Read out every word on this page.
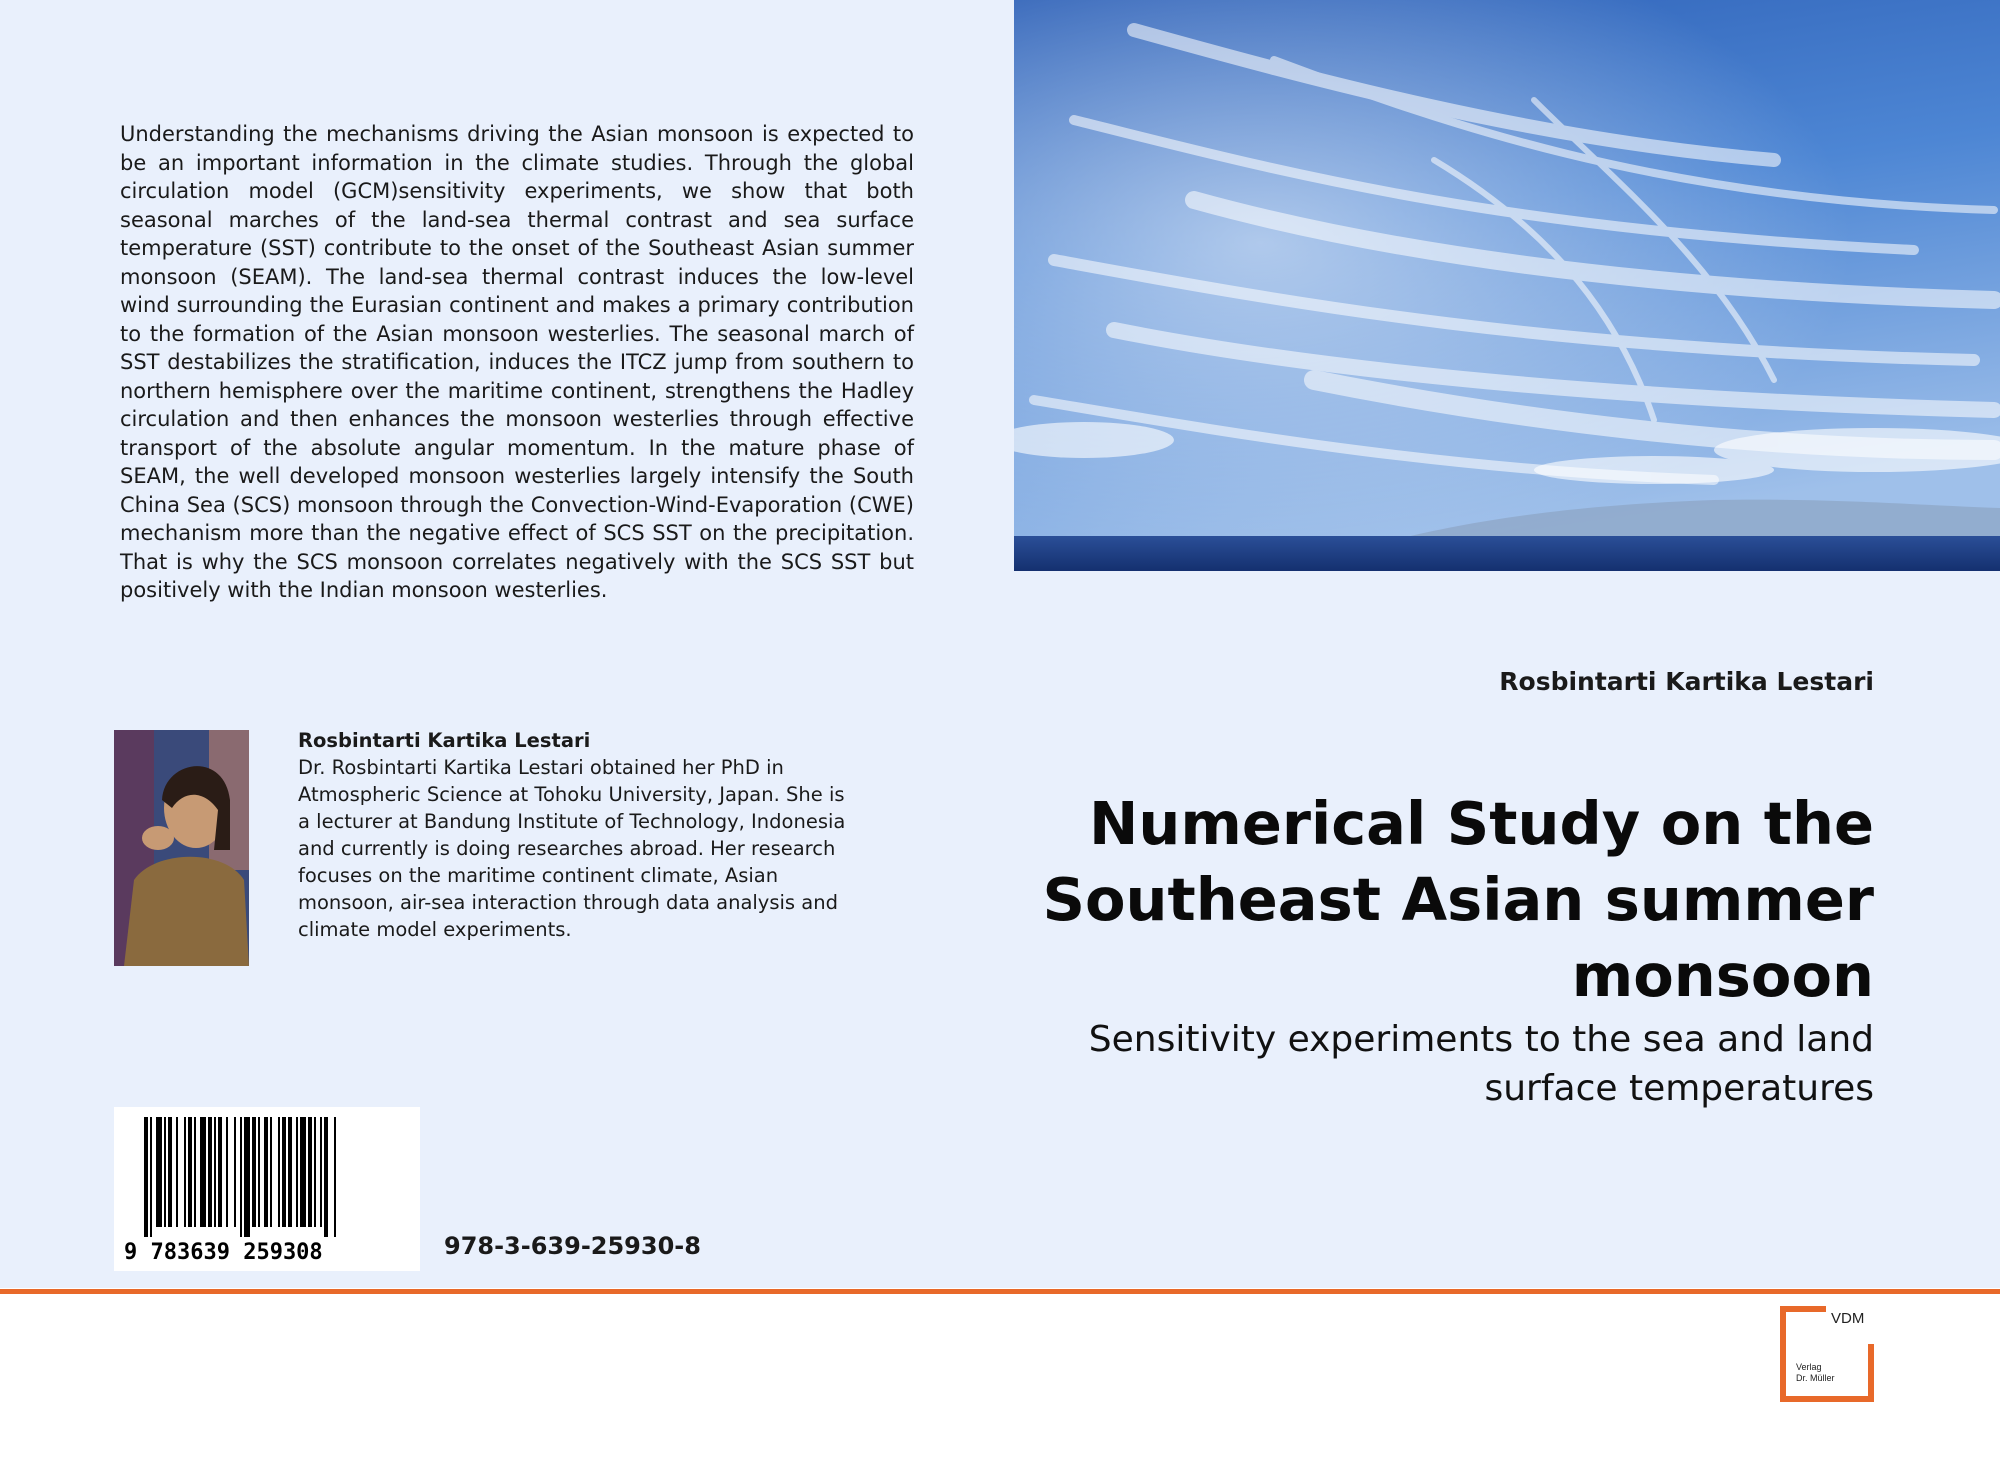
Understanding the mechanisms driving the Asian monsoon is expected to be an important information in the climate studies. Through the global circulation model (GCM)sensitivity experiments, we show that both seasonal marches of the land-sea thermal contrast and sea surface temperature (SST) contribute to the onset of the Southeast Asian summer monsoon (SEAM). The land-sea thermal contrast induces the low-level wind surrounding the Eurasian continent and makes a primary contribution to the formation of the Asian monsoon westerlies. The seasonal march of SST destabilizes the stratification, induces the ITCZ jump from southern to northern hemisphere over the maritime continent, strengthens the Hadley circulation and then enhances the monsoon westerlies through effective transport of the absolute angular momentum. In the mature phase of SEAM, the well developed monsoon westerlies largely intensify the South China Sea (SCS) monsoon through the Convection-Wind-Evaporation (CWE) mechanism more than the negative effect of SCS SST on the precipitation. That is why the SCS monsoon correlates negatively with the SCS SST but positively with the Indian monsoon westerlies.
Rosbintarti Kartika Lestari
Dr. Rosbintarti Kartika Lestari obtained her PhD in Atmospheric Science at Tohoku University, Japan. She is a lecturer at Bandung Institute of Technology, Indonesia and currently is doing researches abroad. Her research focuses on the maritime continent climate, Asian monsoon, air-sea interaction through data analysis and climate model experiments.
9 783639 259308	978-3-639-25930-8
Rosbintarti Kartika Lestari
Numerical Study on the Southeast Asian summer monsoon
Sensitivity experiments to the sea and land surface temperatures
VDM
Verlag
Dr. Müller
